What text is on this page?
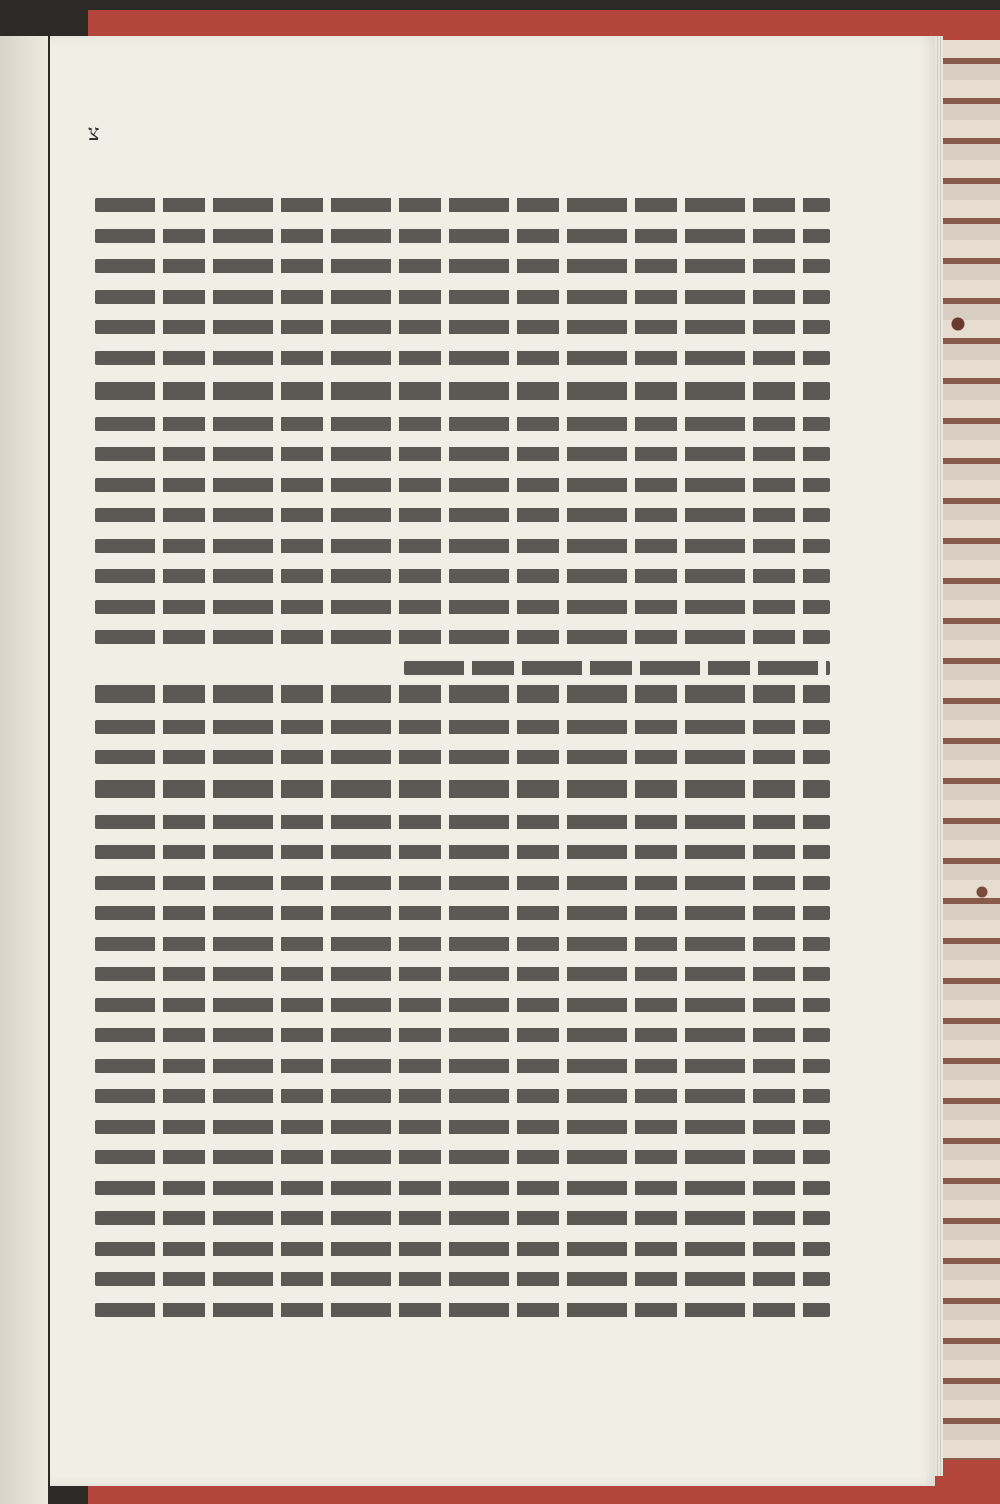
צ
